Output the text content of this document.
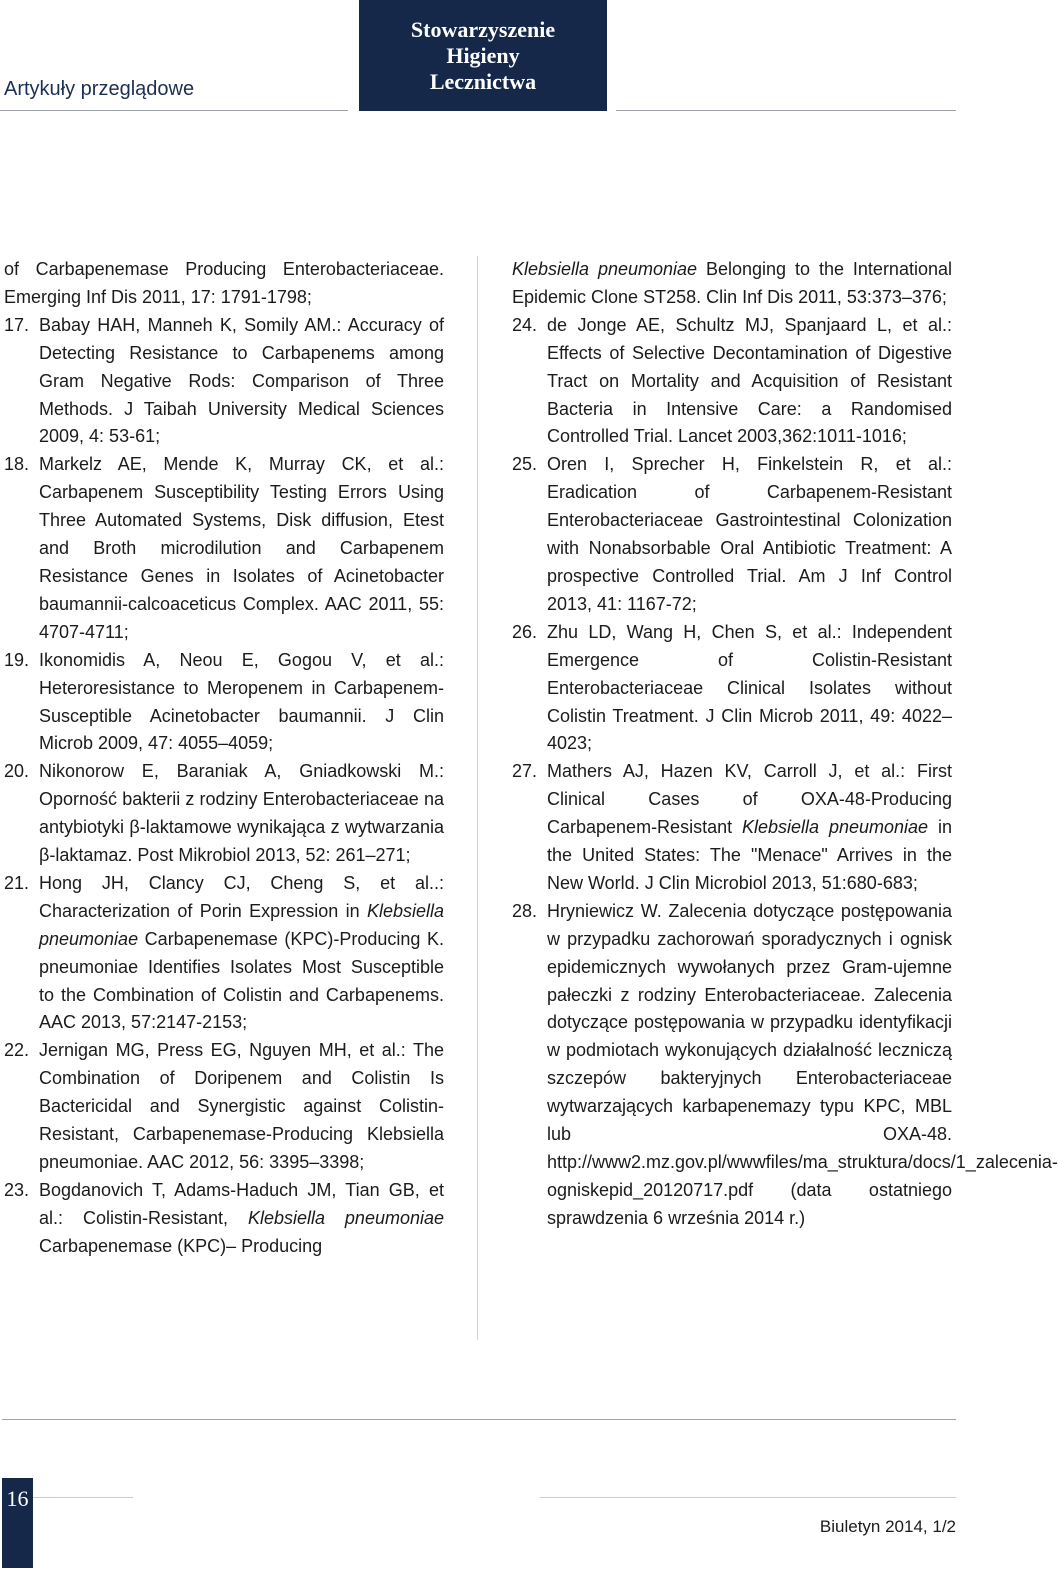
Artykuły przeglądowe
Stowarzyszenie
Higieny
Lecznictwa
of Carbapenemase Producing Enterobacteriaceae. Emerging Inf Dis 2011, 17: 1791-1798;
17. Babay HAH, Manneh K, Somily AM.: Accuracy of Detecting Resistance to Carbapenems among Gram Negative Rods: Comparison of Three Methods. J Taibah University Medical Sciences 2009, 4: 53-61;
18. Markelz AE, Mende K, Murray CK, et al.: Carbapenem Susceptibility Testing Errors Using Three Automated Systems, Disk diffusion, Etest and Broth microdilution and Carbapenem Resistance Genes in Isolates of Acinetobacter baumannii-calcoaceticus Complex. AAC 2011, 55: 4707-4711;
19. Ikonomidis A, Neou E, Gogou V, et al.: Heteroresistance to Meropenem in Carbapenem-Susceptible Acinetobacter baumannii. J Clin Microb 2009, 47: 4055–4059;
20. Nikonorow E, Baraniak A, Gniadkowski M.: Oporność bakterii z rodziny Enterobacteriaceae na antybiotyki β-laktamowe wynikająca z wytwarzania β-laktamaz. Post Mikrobiol 2013, 52: 261–271;
21. Hong JH, Clancy CJ, Cheng S, et al..: Characterization of Porin Expression in Klebsiella pneumoniae Carbapenemase (KPC)-Producing K. pneumoniae Identifies Isolates Most Susceptible to the Combination of Colistin and Carbapenems. AAC 2013, 57:2147-2153;
22. Jernigan MG, Press EG, Nguyen MH, et al.: The Combination of Doripenem and Colistin Is Bactericidal and Synergistic against Colistin-Resistant, Carbapenemase-Producing Klebsiella pneumoniae. AAC 2012, 56: 3395–3398;
23. Bogdanovich T, Adams-Haduch JM, Tian GB, et al.: Colistin-Resistant, Klebsiella pneumoniae Carbapenemase (KPC)– Producing
Klebsiella pneumoniae Belonging to the International Epidemic Clone ST258. Clin Inf Dis 2011, 53:373–376;
24. de Jonge AE, Schultz MJ, Spanjaard L, et al.: Effects of Selective Decontamination of Digestive Tract on Mortality and Acquisition of Resistant Bacteria in Intensive Care: a Randomised Controlled Trial. Lancet 2003,362:1011-1016;
25. Oren I, Sprecher H, Finkelstein R, et al.: Eradication of Carbapenem-Resistant Enterobacteriaceae Gastrointestinal Colonization with Nonabsorbable Oral Antibiotic Treatment: A prospective Controlled Trial. Am J Inf Control 2013, 41: 1167-72;
26. Zhu LD, Wang H, Chen S, et al.: Independent Emergence of Colistin-Resistant Enterobacteriaceae Clinical Isolates without Colistin Treatment. J Clin Microb 2011, 49: 4022–4023;
27. Mathers AJ, Hazen KV, Carroll J, et al.: First Clinical Cases of OXA-48-Producing Carbapenem-Resistant Klebsiella pneumoniae in the United States: The "Menace" Arrives in the New World. J Clin Microbiol 2013, 51:680-683;
28. Hryniewicz W. Zalecenia dotyczące postępowania w przypadku zachorowań sporadycznych i ognisk epidemicznych wywołanych przez Gram-ujemne pałeczki z rodziny Enterobacteriaceae. Zalecenia dotyczące postępowania w przypadku identyfikacji w podmiotach wykonujących działalność leczniczą szczepów bakteryjnych Enterobacteriaceae wytwarzających karbapenemazy typu KPC, MBL lub OXA-48. http://www2.mz.gov.pl/wwwfiles/ma_struktura/docs/1_zalecenia-ogniskepid_20120717.pdf (data ostatniego sprawdzenia 6 września 2014 r.)
16
Biuletyn 2014, 1/2
